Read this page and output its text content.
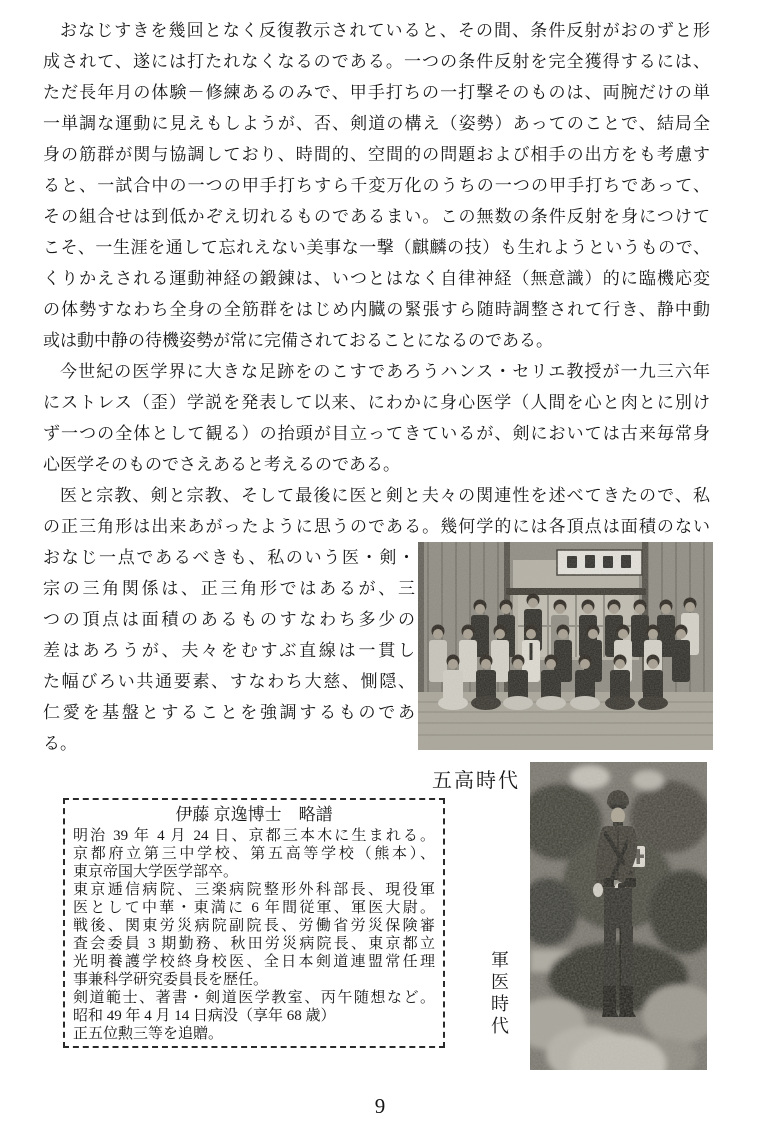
おなじすきを幾回となく反復教示されていると、その間、条件反射がおのずと形
成されて、遂には打たれなくなるのである。一つの条件反射を完全獲得するには、
ただ長年月の体験－修練あるのみで、甲手打ちの一打撃そのものは、両腕だけの単
一単調な運動に見えもしようが、否、剣道の構え（姿勢）あってのことで、結局全
身の筋群が関与協調しており、時間的、空間的の問題および相手の出方をも考慮す
ると、一試合中の一つの甲手打ちすら千変万化のうちの一つの甲手打ちであって、
その組合せは到低かぞえ切れるものであるまい。この無数の条件反射を身につけて
こそ、一生涯を通して忘れえない美事な一撃（麒麟の技）も生れようというもので、
くりかえされる運動神経の鍛錬は、いつとはなく自律神経（無意識）的に臨機応変
の体勢すなわち全身の全筋群をはじめ内臓の緊張すら随時調整されて行き、静中動
或は動中静の待機姿勢が常に完備されておることになるのである。
今世紀の医学界に大きな足跡をのこすであろうハンス・セリエ教授が一九三六年
にストレス（歪）学説を発表して以来、にわかに身心医学（人間を心と肉とに別け
ず一つの全体として観る）の抬頭が目立ってきているが、剣においては古来毎常身
心医学そのものでさえあると考えるのである。
医と宗教、剣と宗教、そして最後に医と剣と夫々の関連性を述べてきたので、私
の正三角形は出来あがったように思うのである。幾何学的には各頂点は面積のない
おなじ一点であるべきも、私のいう医・剣・
宗の三角関係は、正三角形ではあるが、三
つの頂点は面積のあるものすなわち多少の
差はあろうが、夫々をむすぶ直線は一貫し
た幅びろい共通要素、すなわち大慈、惻隠、
仁愛を基盤とすることを強調するものであ
る。
五高時代
伊藤 京逸博士　略譜
明治 39 年 4 月 24 日、京都三本木に生まれる。
京都府立第三中学校、第五高等学校（熊本）、
東京帝国大学医学部卒。
東京逓信病院、三楽病院整形外科部長、現役軍
医として中華・東満に 6 年間従軍、軍医大尉。
戦後、関東労災病院副院長、労働省労災保険審
査会委員 3 期勤務、秋田労災病院長、東京都立
光明養護学校終身校医、全日本剣道連盟常任理
事兼科学研究委員長を歴任。
剣道範士、著書・剣道医学教室、丙午随想など。
昭和 49 年 4 月 14 日病没（享年 68 歳）
正五位勲三等を追贈。	軍医時代
9
